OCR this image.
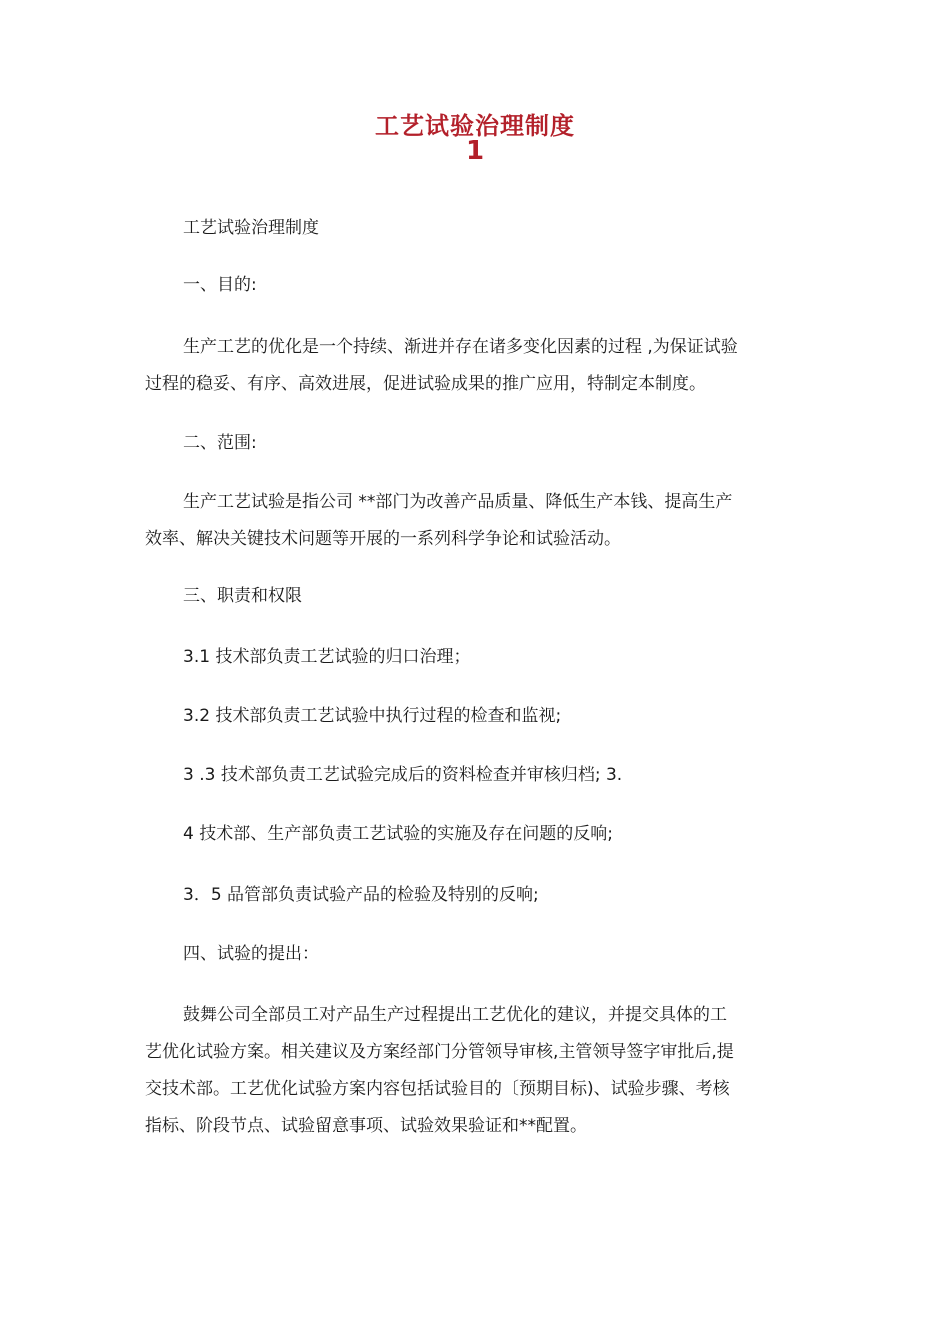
工艺试验治理制度
1
工艺试验治理制度
一、目的:
生产工艺的优化是一个持续、渐进并存在诸多变化因素的过程 ,为保证试验
过程的稳妥、有序、高效进展，促进试验成果的推广应用，特制定本制度。
二、范围:
生产工艺试验是指公司 **部门为改善产品质量、降低生产本钱、提高生产
效率、解决关键技术问题等开展的一系列科学争论和试验活动。
三、职责和权限
3.1 技术部负责工艺试验的归口治理；
3.2 技术部负责工艺试验中执行过程的检查和监视;
3 .3 技术部负责工艺试验完成后的资料检查并审核归档; 3.
4 技术部、生产部负责工艺试验的实施及存在问题的反响;
3．5 品管部负责试验产品的检验及特别的反响;
四、试验的提出：
鼓舞公司全部员工对产品生产过程提出工艺优化的建议，并提交具体的工
艺优化试验方案。相关建议及方案经部门分管领导审核,主管领导签字审批后,提
交技术部。工艺优化试验方案内容包括试验目的〔预期目标)、试验步骤、考核
指标、阶段节点、试验留意事项、试验效果验证和**配置。
